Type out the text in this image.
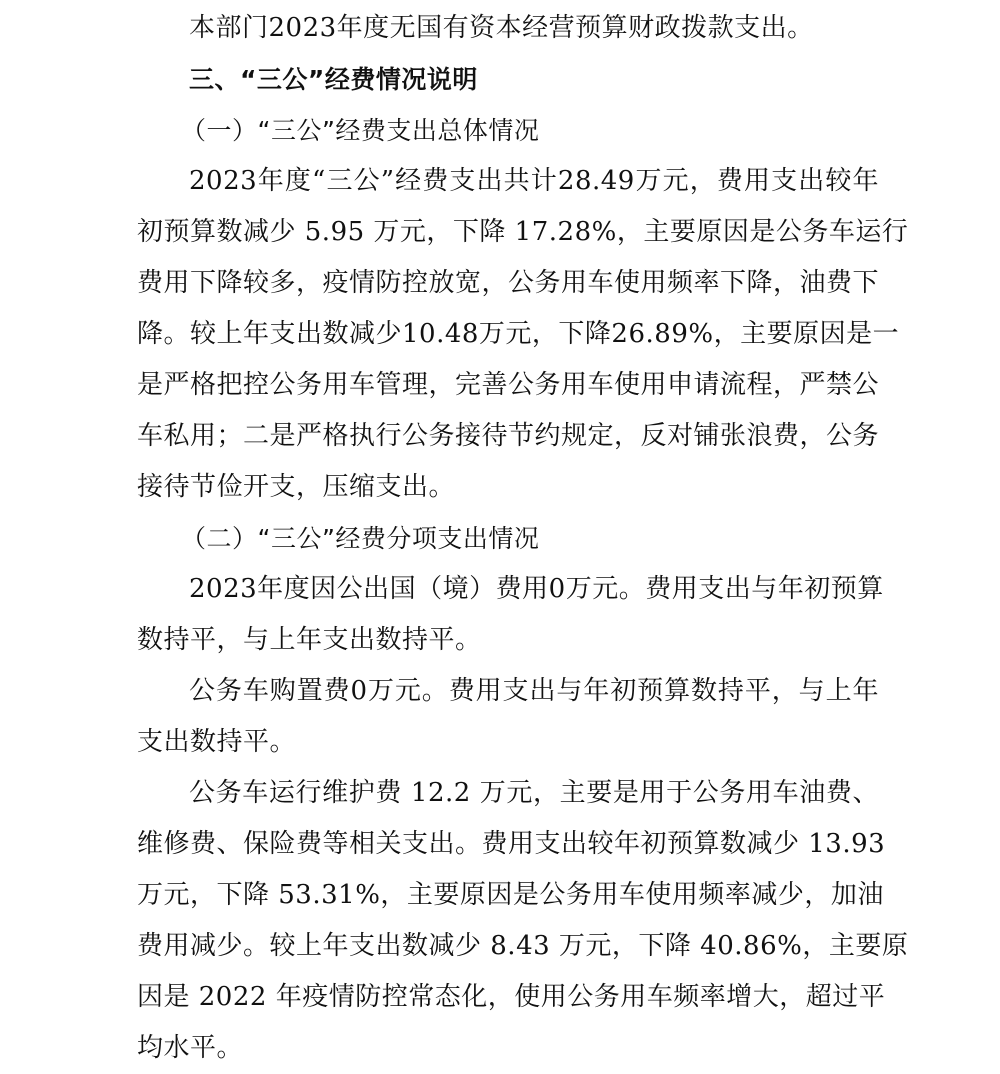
本部门2023年度无国有资本经营预算财政拨款支出。
三、“三公”经费情况说明
（一）“三公”经费支出总体情况
2023年度“三公”经费支出共计28.49万元，费用支出较年
初预算数减少 5.95 万元，下降 17.28%，主要原因是公务车运行
费用下降较多，疫情防控放宽，公务用车使用频率下降，油费下
降。较上年支出数减少10.48万元，下降26.89%，主要原因是一
是严格把控公务用车管理，完善公务用车使用申请流程，严禁公
车私用；二是严格执行公务接待节约规定，反对铺张浪费，公务
接待节俭开支，压缩支出。
（二）“三公”经费分项支出情况
2023年度因公出国（境）费用0万元。费用支出与年初预算
数持平，与上年支出数持平。
公务车购置费0万元。费用支出与年初预算数持平，与上年
支出数持平。
公务车运行维护费 12.2 万元，主要是用于公务用车油费、
维修费、保险费等相关支出。费用支出较年初预算数减少 13.93
万元，下降 53.31%，主要原因是公务用车使用频率减少，加油
费用减少。较上年支出数减少 8.43 万元，下降 40.86%，主要原
因是 2022 年疫情防控常态化，使用公务用车频率增大，超过平
均水平。
